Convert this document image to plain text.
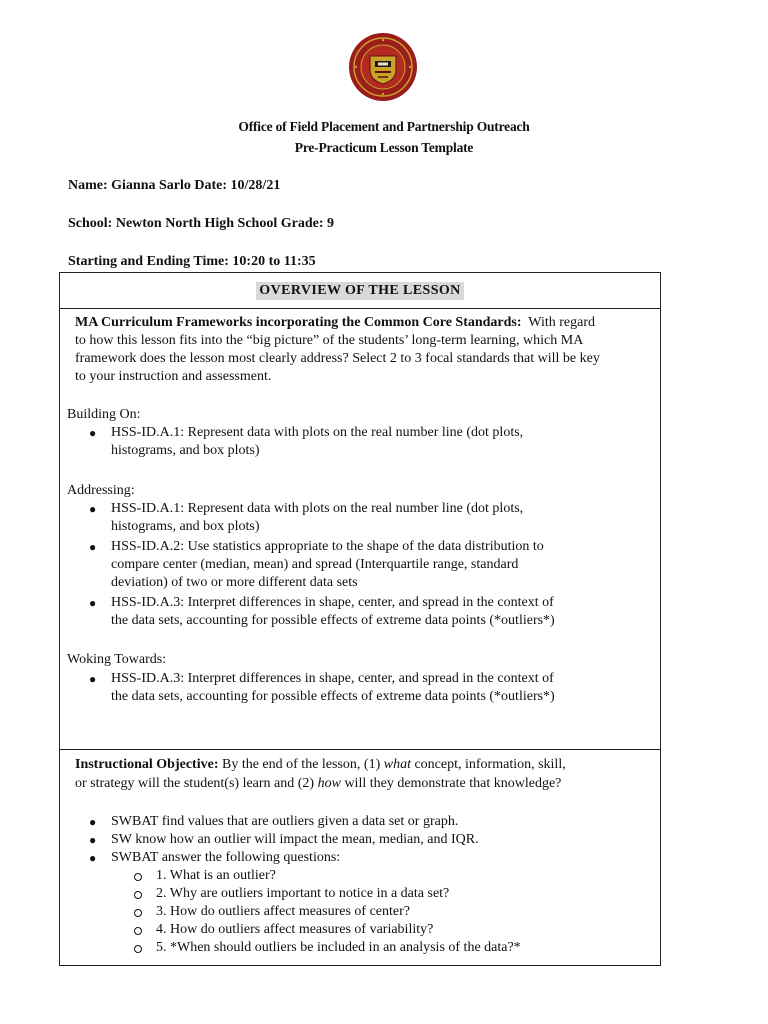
Office of Field Placement and Partnership Outreach
Pre-Practicum Lesson Template
Name: Gianna Sarlo Date: 10/28/21
School: Newton North High School Grade: 9
Starting and Ending Time: 10:20 to 11:35
OVERVIEW OF THE LESSON
MA Curriculum Frameworks incorporating the Common Core Standards: With regard
to how this lesson fits into the “big picture” of the students’ long-term learning, which MA
framework does the lesson most clearly address? Select 2 to 3 focal standards that will be key
to your instruction and assessment.
Building On:
● HSS-ID.A.1: Represent data with plots on the real number line (dot plots,
histograms, and box plots)
Addressing:
● HSS-ID.A.1: Represent data with plots on the real number line (dot plots,
histograms, and box plots)
● HSS-ID.A.2: Use statistics appropriate to the shape of the data distribution to
compare center (median, mean) and spread (Interquartile range, standard
deviation) of two or more different data sets
● HSS-ID.A.3: Interpret differences in shape, center, and spread in the context of
the data sets, accounting for possible effects of extreme data points (*outliers*)
Woking Towards:
● HSS-ID.A.3: Interpret differences in shape, center, and spread in the context of
the data sets, accounting for possible effects of extreme data points (*outliers*)
Instructional Objective: By the end of the lesson, (1) what concept, information, skill,
or strategy will the student(s) learn and (2) how will they demonstrate that knowledge?
● SWBAT find values that are outliers given a data set or graph.
● SW know how an outlier will impact the mean, median, and IQR.
● SWBAT answer the following questions:
1. What is an outlier?
2. Why are outliers important to notice in a data set?
3. How do outliers affect measures of center?
4. How do outliers affect measures of variability?
5. *When should outliers be included in an analysis of the data?*
